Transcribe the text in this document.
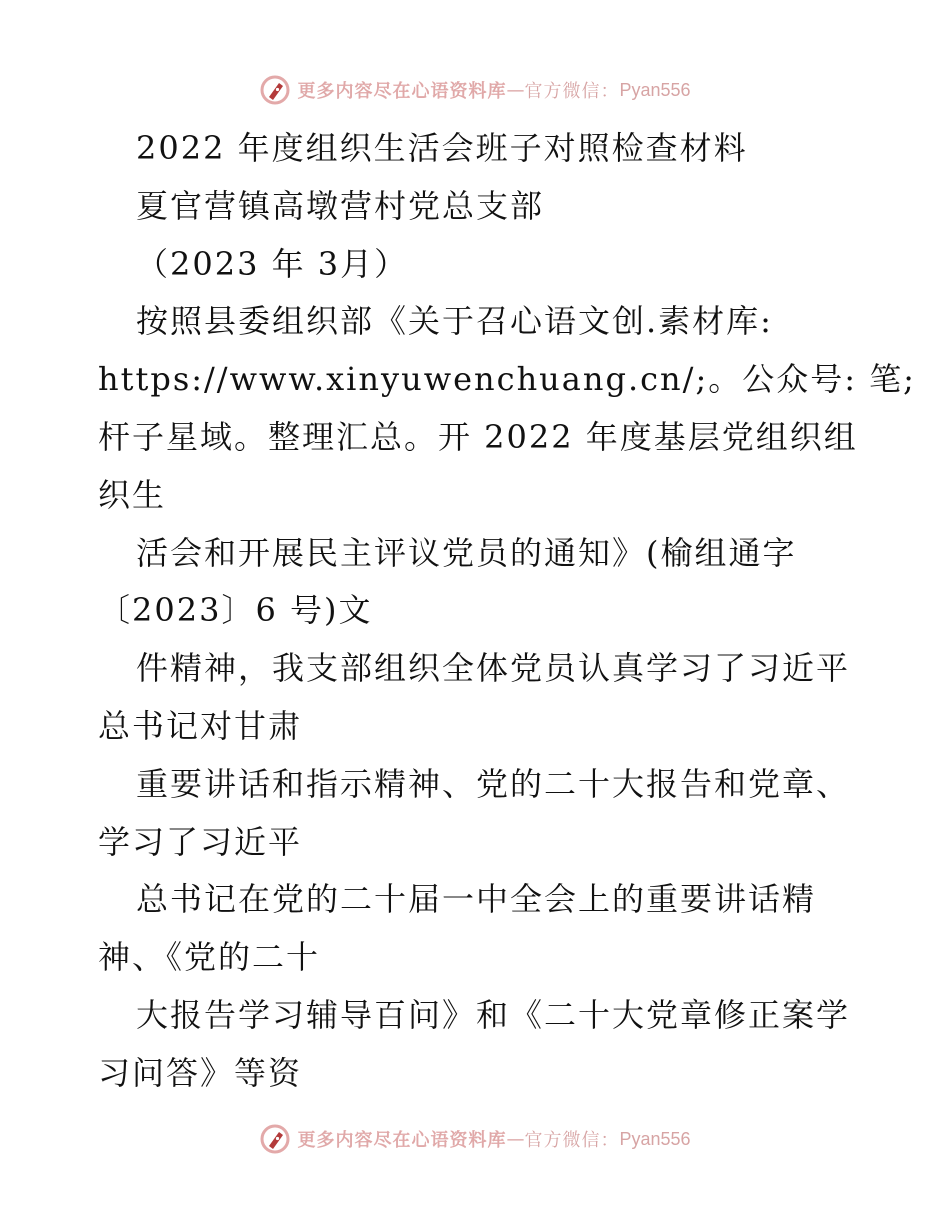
更多内容尽在心语资料库 — 官方微信： Pyan556
2022 年度组织生活会班子对照检查材料
夏官营镇高墩营村党总支部
（2023 年 3月）
按照县委组织部《关于召心语文创.素材库:
https://www.xinyuwenchuang.cn/;。公众号: 笔;
杆子星域。整理汇总。开 2022 年度基层党组织组
织生
活会和开展民主评议党员的通知》(榆组通字
〔2023〕6 号)文
件精神，我支部组织全体党员认真学习了习近平
总书记对甘肃
重要讲话和指示精神、党的二十大报告和党章、
学习了习近平
总书记在党的二十届一中全会上的重要讲话精
神、《党的二十
大报告学习辅导百问》和《二十大党章修正案学
习问答》等资
更多内容尽在心语资料库 — 官方微信： Pyan556
